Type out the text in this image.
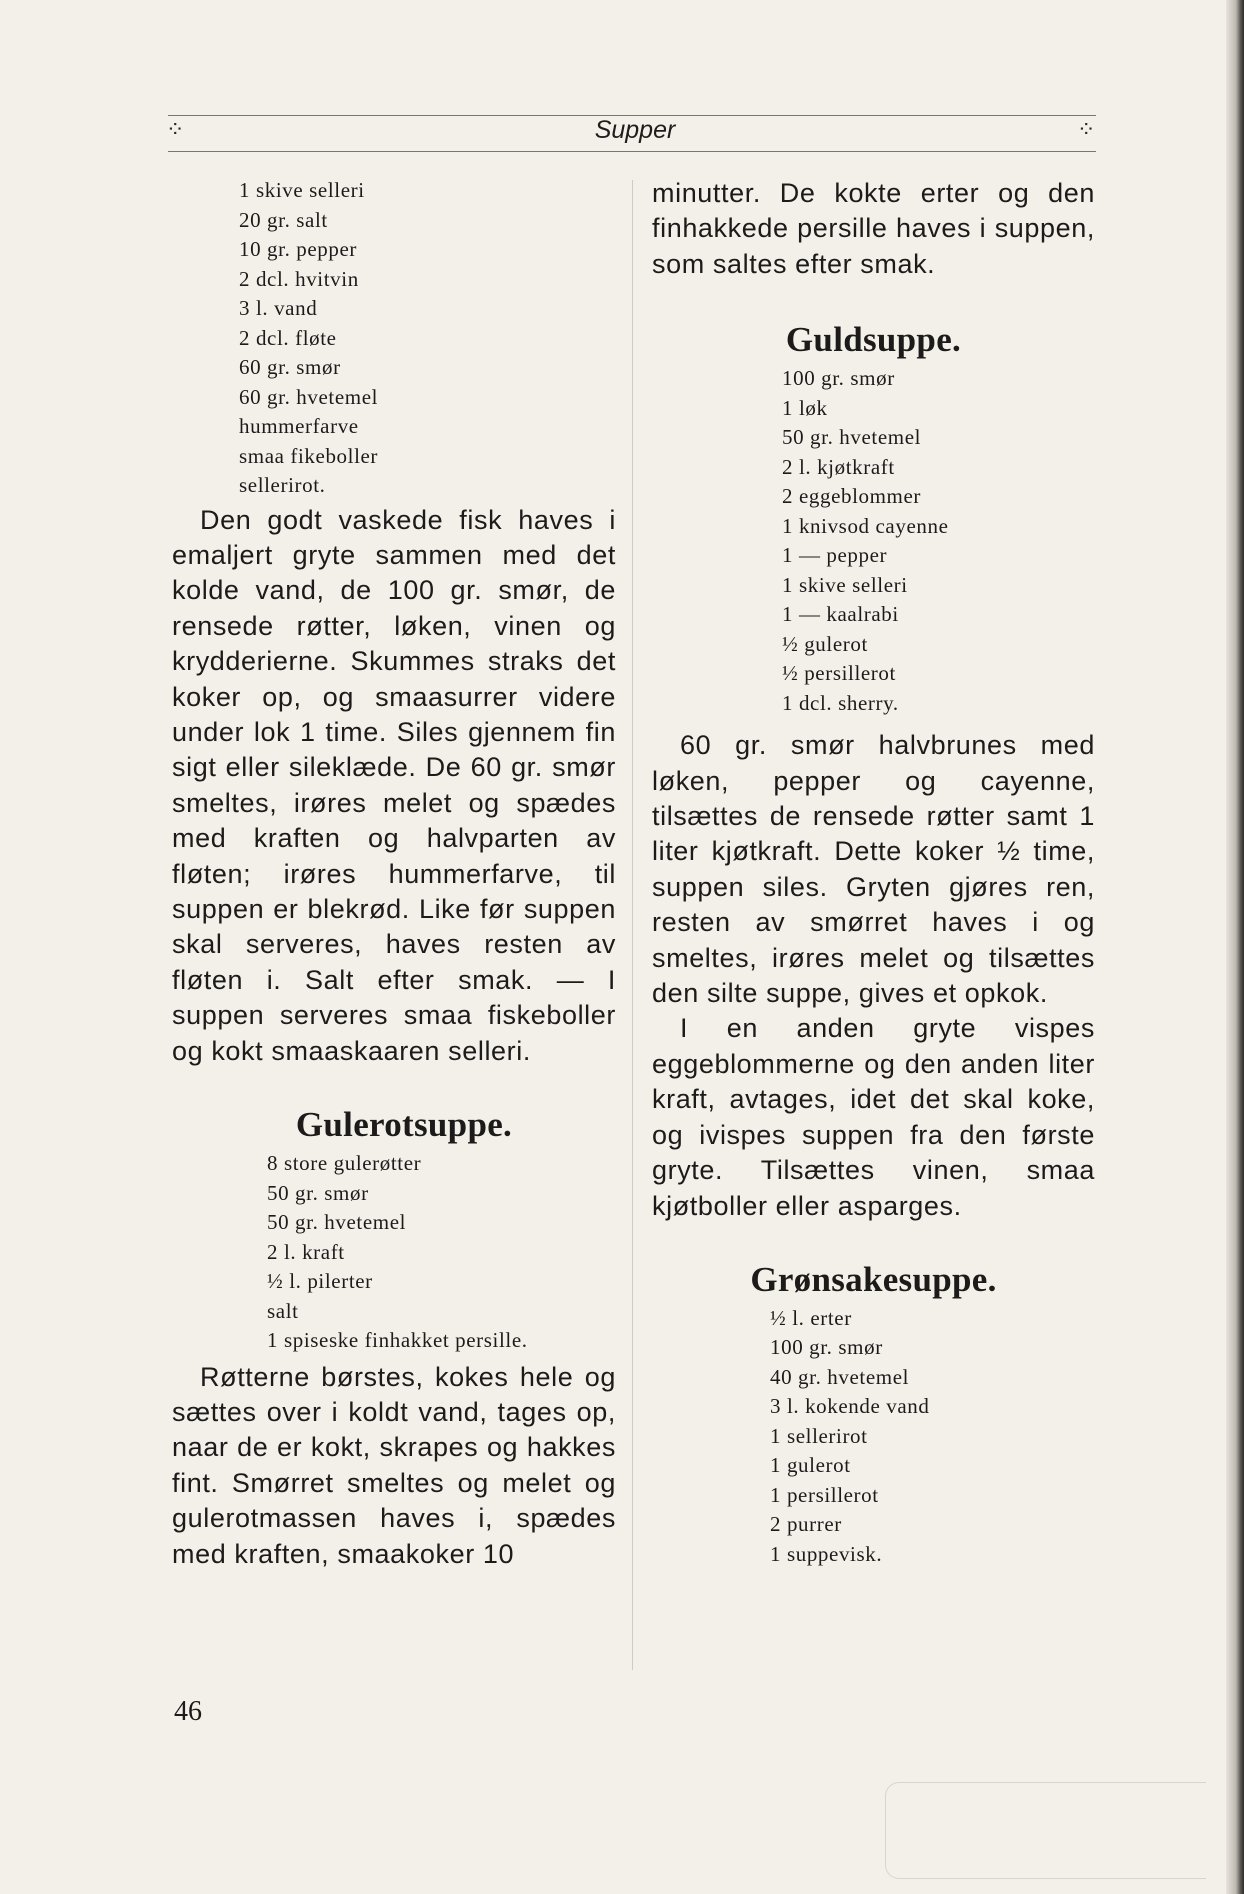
⁘	Supper	⁘
1 skive selleri
20 gr. salt
10 gr. pepper
2 dcl. hvitvin
3 l. vand
2 dcl. fløte
60 gr. smør
60 gr. hvetemel
hummerfarve
smaa fikeboller
sellerirot.

Den godt vaskede fisk haves i emaljert gryte sammen med det kolde vand, de 100 gr. smør, de rensede røtter, løken, vinen og krydderierne. Skummes straks det koker op, og smaasurrer videre under lok 1 time. Siles gjennem fin sigt eller sileklæde. De 60 gr. smør smeltes, irøres melet og spædes med kraften og halvparten av fløten; irøres hummerfarve, til suppen er blekrød. Like før suppen skal serveres, haves resten av fløten i. Salt efter smak. — I suppen serveres smaa fiskeboller og kokt smaaskaaren selleri.

Gulerotsuppe.
8 store gulerøtter
50 gr. smør
50 gr. hvetemel
2 l. kraft
½ l. pilerter
salt
1 spiseske finhakket persille.

Røtterne børstes, kokes hele og sættes over i koldt vand, tages op, naar de er kokt, skrapes og hakkes fint. Smørret smeltes og melet og gulerotmassen haves i, spædes med kraften, smaakoker 10

minutter. De kokte erter og den finhakkede persille haves i suppen, som saltes efter smak.

Guldsuppe.
100 gr. smør
1 løk
50 gr. hvetemel
2 l. kjøtkraft
2 eggeblommer
1 knivsod cayenne
1 — pepper
1 skive selleri
1 — kaalrabi
½ gulerot
½ persillerot
1 dcl. sherry.

60 gr. smør halvbrunes med løken, pepper og cayenne, tilsættes de rensede røtter samt 1 liter kjøtkraft. Dette koker ½ time, suppen siles. Gryten gjøres ren, resten av smørret haves i og smeltes, irøres melet og tilsættes den silte suppe, gives et opkok.

I en anden gryte vispes eggeblommerne og den anden liter kraft, avtages, idet det skal koke, og ivispes suppen fra den første gryte. Tilsættes vinen, smaa kjøtboller eller asparges.

Grønsakesuppe.
½ l. erter
100 gr. smør
40 gr. hvetemel
3 l. kokende vand
1 sellerirot
1 gulerot
1 persillerot
2 purrer
1 suppevisk.
46
